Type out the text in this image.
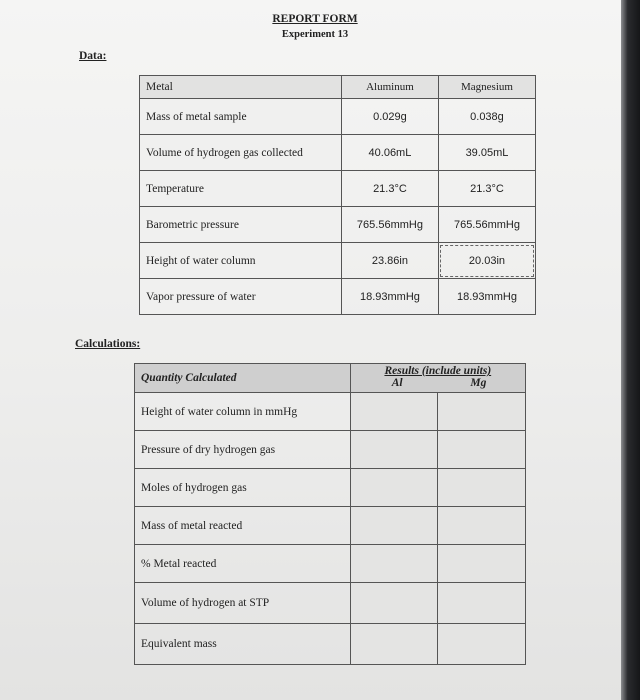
REPORT FORM
Experiment 13
Data:
Metal	Aluminum	Magnesium
Mass of metal sample	0.029g	0.038g
Volume of hydrogen gas collected	40.06mL	39.05mL
Temperature	21.3°C	21.3°C
Barometric pressure	765.56mmHg	765.56mmHg
Height of water column	23.86in	20.03in
Vapor pressure of water	18.93mmHg	18.93mmHg
Calculations:
Quantity Calculated	Results (include units)
Al Mg	

Height of water column in mmHg		
Pressure of dry hydrogen gas		
Moles of hydrogen gas		
Mass of metal reacted		
% Metal reacted		
Volume of hydrogen at STP		
Equivalent mass		
